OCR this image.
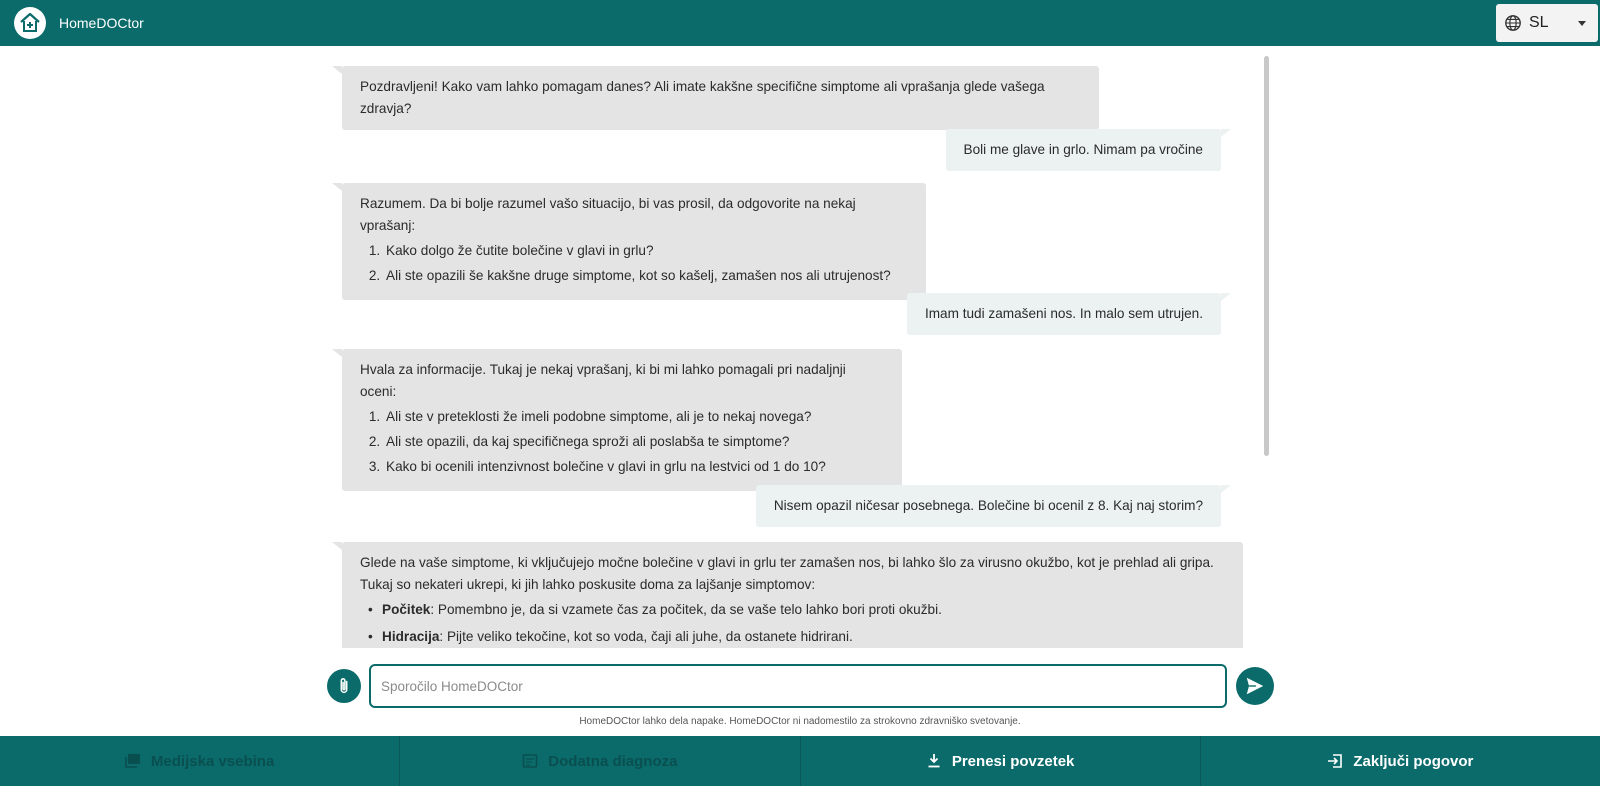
HomeDOCtor	SL
Pozdravljeni! Kako vam lahko pomagam danes? Ali imate kakšne specifične simptome ali vprašanja glede vašega zdravja?
Boli me glave in grlo. Nimam pa vročine
Razumem. Da bi bolje razumel vašo situacijo, bi vas prosil, da odgovorite na nekaj vprašanj:
1. Kako dolgo že čutite bolečine v glavi in grlu?
2. Ali ste opazili še kakšne druge simptome, kot so kašelj, zamašen nos ali utrujenost?
Imam tudi zamašeni nos. In malo sem utrujen.
Hvala za informacije. Tukaj je nekaj vprašanj, ki bi mi lahko pomagali pri nadaljnji oceni:
1. Ali ste v preteklosti že imeli podobne simptome, ali je to nekaj novega?
2. Ali ste opazili, da kaj specifičnega sproži ali poslabša te simptome?
3. Kako bi ocenili intenzivnost bolečine v glavi in grlu na lestvici od 1 do 10?
Nisem opazil ničesar posebnega. Bolečine bi ocenil z 8. Kaj naj storim?
Glede na vaše simptome, ki vključujejo močne bolečine v glavi in grlu ter zamašen nos, bi lahko šlo za virusno okužbo, kot je prehlad ali gripa. Tukaj so nekateri ukrepi, ki jih lahko poskusite doma za lajšanje simptomov:
• Počitek: Pomembno je, da si vzamete čas za počitek, da se vaše telo lahko bori proti okužbi.
• Hidracija: Pijte veliko tekočine, kot so voda, čaji ali juhe, da ostanete hidrirani.
Sporočilo HomeDOCtor
HomeDOCtor lahko dela napake. HomeDOCtor ni nadomestilo za strokovno zdravniško svetovanje.
Medijska vsebina	Dodatna diagnoza	Prenesi povzetek	Zaključi pogovor
